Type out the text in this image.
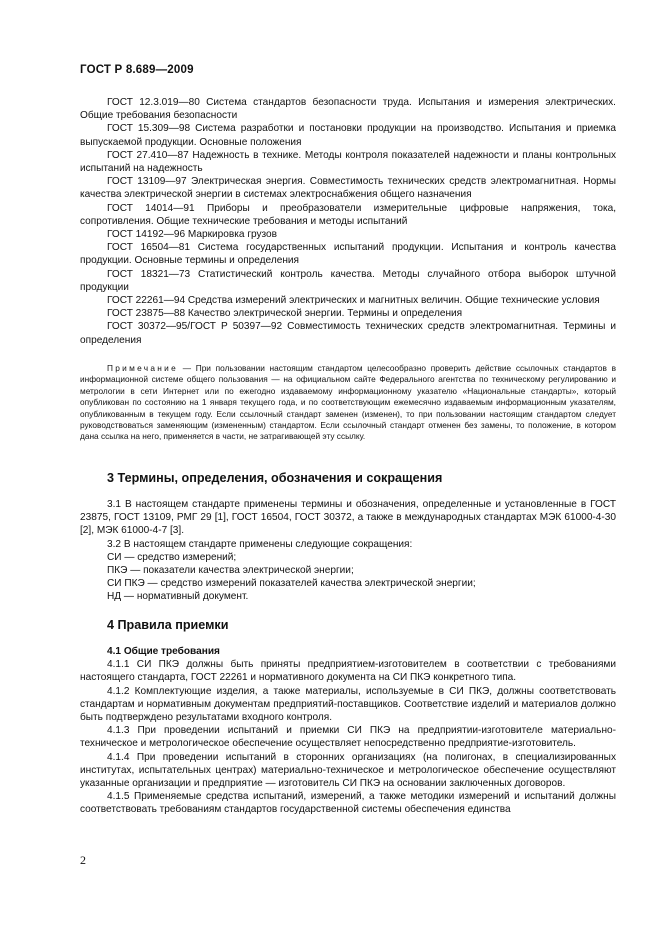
ГОСТ Р 8.689—2009

ГОСТ 12.3.019—80 Система стандартов безопасности труда. Испытания и измерения электрических. Общие требования безопасности

ГОСТ 15.309—98 Система разработки и постановки продукции на производство. Испытания и приемка выпускаемой продукции. Основные положения

ГОСТ 27.410—87 Надежность в технике. Методы контроля показателей надежности и планы контрольных испытаний на надежность

ГОСТ 13109—97 Электрическая энергия. Совместимость технических средств электромагнитная. Нормы качества электрической энергии в системах электроснабжения общего назначения

ГОСТ 14014—91 Приборы и преобразователи измерительные цифровые напряжения, тока, сопротивления. Общие технические требования и методы испытаний

ГОСТ 14192—96 Маркировка грузов

ГОСТ 16504—81 Система государственных испытаний продукции. Испытания и контроль качества продукции. Основные термины и определения

ГОСТ 18321—73 Статистический контроль качества. Методы случайного отбора выборок штучной продукции

ГОСТ 22261—94 Средства измерений электрических и магнитных величин. Общие технические условия

ГОСТ 23875—88 Качество электрической энергии. Термины и определения

ГОСТ 30372—95/ГОСТ Р 50397—92 Совместимость технических средств электромагнитная. Термины и определения

Примечание — При пользовании настоящим стандартом целесообразно проверить действие ссылочных стандартов в информационной системе общего пользования — на официальном сайте Федерального агентства по техническому регулированию и метрологии в сети Интернет или по ежегодно издаваемому информационному указателю «Национальные стандарты», который опубликован по состоянию на 1 января текущего года, и по соответствующим ежемесячно издаваемым информационным указателям, опубликованным в текущем году. Если ссылочный стандарт заменен (изменен), то при пользовании настоящим стандартом следует руководствоваться заменяющим (измененным) стандартом. Если ссылочный стандарт отменен без замены, то положение, в котором дана ссылка на него, применяется в части, не затрагивающей эту ссылку.

3 Термины, определения, обозначения и сокращения

3.1 В настоящем стандарте применены термины и обозначения, определенные и установленные в ГОСТ 23875, ГОСТ 13109, РМГ 29 [1], ГОСТ 16504, ГОСТ 30372, а также в международных стандартах МЭК 61000-4-30 [2], МЭК 61000-4-7 [3].

3.2 В настоящем стандарте применены следующие сокращения:

СИ — средство измерений;

ПКЭ — показатели качества электрической энергии;

СИ ПКЭ — средство измерений показателей качества электрической энергии;

НД — нормативный документ.

4 Правила приемки
4.1 Общие требования

4.1.1 СИ ПКЭ должны быть приняты предприятием-изготовителем в соответствии с требованиями настоящего стандарта, ГОСТ 22261 и нормативного документа на СИ ПКЭ конкретного типа.

4.1.2 Комплектующие изделия, а также материалы, используемые в СИ ПКЭ, должны соответствовать стандартам и нормативным документам предприятий-поставщиков. Соответствие изделий и материалов должно быть подтверждено результатами входного контроля.

4.1.3 При проведении испытаний и приемки СИ ПКЭ на предприятии-изготовителе материально-техническое и метрологическое обеспечение осуществляет непосредственно предприятие-изготовитель.

4.1.4 При проведении испытаний в сторонних организациях (на полигонах, в специализированных институтах, испытательных центрах) материально-техническое и метрологическое обеспечение осуществляют указанные организации и предприятие — изготовитель СИ ПКЭ на основании заключенных договоров.

4.1.5 Применяемые средства испытаний, измерений, а также методики измерений и испытаний должны соответствовать требованиям стандартов государственной системы обеспечения единства

2
